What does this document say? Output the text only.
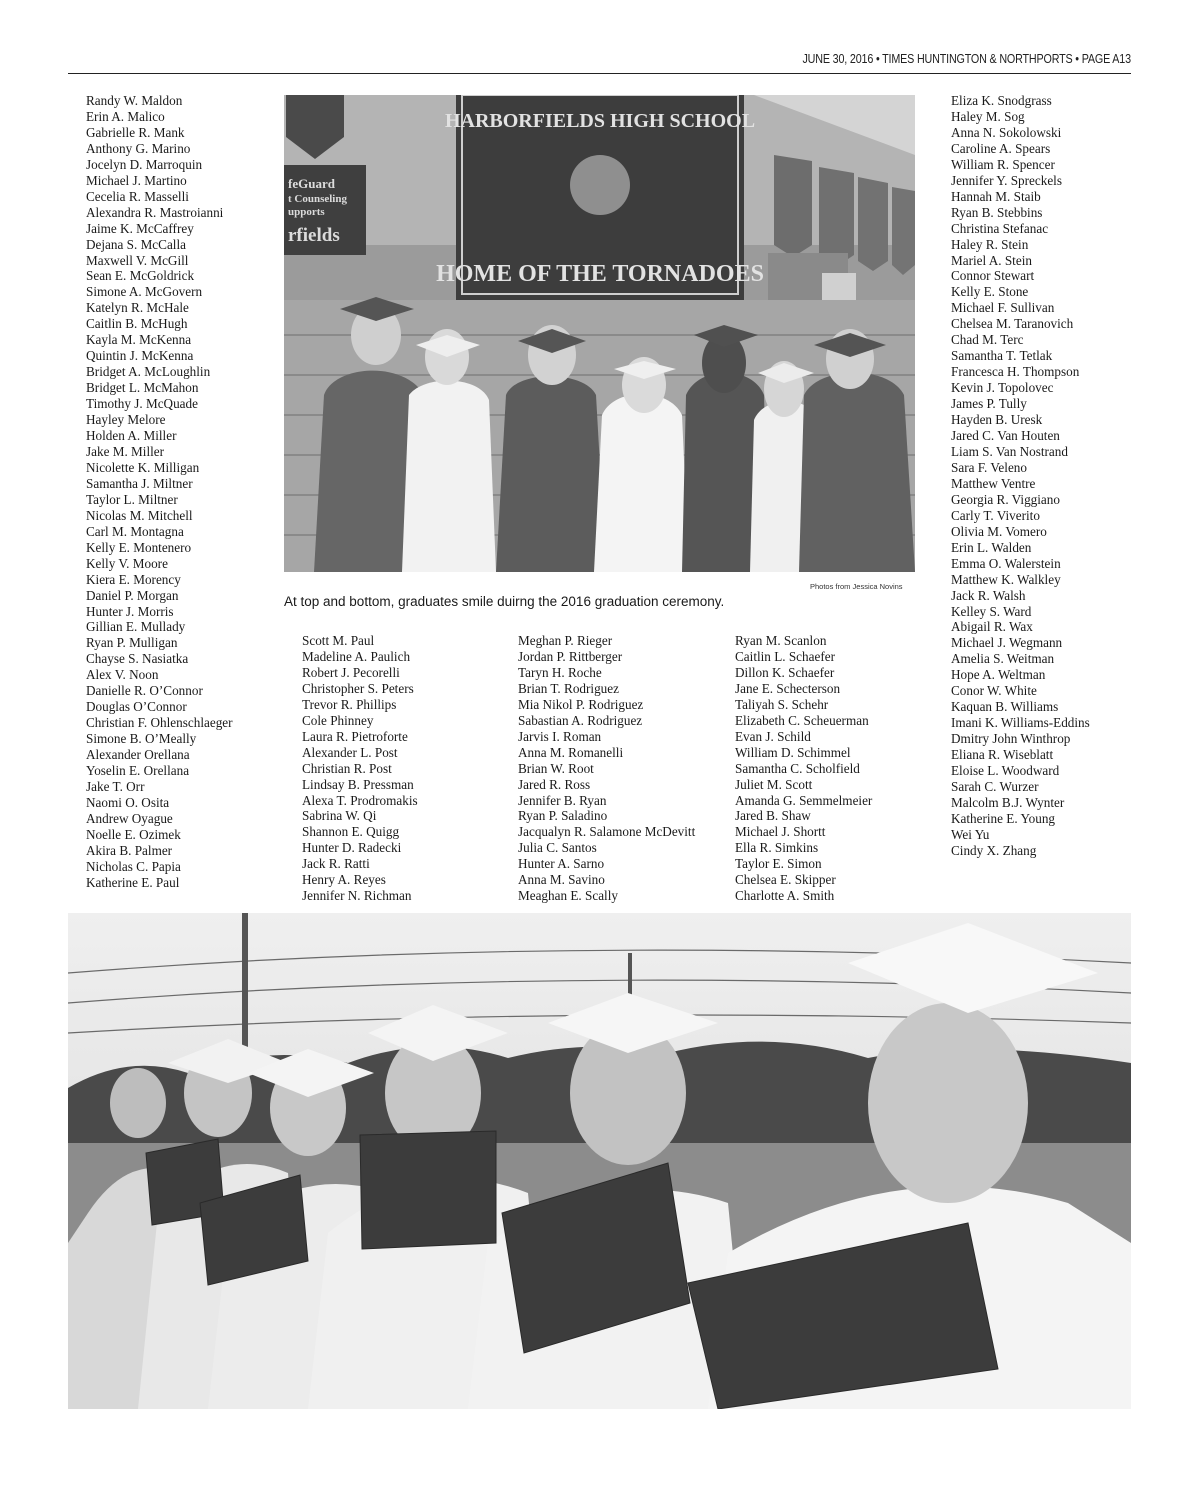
JUNE 30, 2016 • TIMES HUNTINGTON & NORTHPORTS • PAGE A13
Randy W. Maldon
Erin A. Malico
Gabrielle R. Mank
Anthony G. Marino
Jocelyn D. Marroquin
Michael J. Martino
Cecelia R. Masselli
Alexandra R. Mastroianni
Jaime K. McCaffrey
Dejana S. McCalla
Maxwell V. McGill
Sean E. McGoldrick
Simone A. McGovern
Katelyn R. McHale
Caitlin B. McHugh
Kayla M. McKenna
Quintin J. McKenna
Bridget A. McLoughlin
Bridget L. McMahon
Timothy J. McQuade
Hayley Melore
Holden A. Miller
Jake M. Miller
Nicolette K. Milligan
Samantha J. Miltner
Taylor L. Miltner
Nicolas M. Mitchell
Carl M. Montagna
Kelly E. Montenero
Kelly V. Moore
Kiera E. Morency
Daniel P. Morgan
Hunter J. Morris
Gillian E. Mullady
Ryan P. Mulligan
Chayse S. Nasiatka
Alex V. Noon
Danielle R. O’Connor
Douglas O’Connor
Christian F. Ohlenschlaeger
Simone B. O’Meally
Alexander Orellana
Yoselin E. Orellana
Jake T. Orr
Naomi O. Osita
Andrew Oyague
Noelle E. Ozimek
Akira B. Palmer
Nicholas C. Papia
Katherine E. Paul
feGuard
t Counseling
upports
rfields
HARBORFIELDS HIGH SCHOOL
HOME OF THE TORNADOES
Photos from Jessica Novins
At top and bottom, graduates smile duirng the 2016 graduation ceremony.
Scott M. Paul
Madeline A. Paulich
Robert J. Pecorelli
Christopher S. Peters
Trevor R. Phillips
Cole Phinney
Laura R. Pietroforte
Alexander L. Post
Christian R. Post
Lindsay B. Pressman
Alexa T. Prodromakis
Sabrina W. Qi
Shannon E. Quigg
Hunter D. Radecki
Jack R. Ratti
Henry A. Reyes
Jennifer N. Richman
Meghan P. Rieger
Jordan P. Rittberger
Taryn H. Roche
Brian T. Rodriguez
Mia Nikol P. Rodriguez
Sabastian A. Rodriguez
Jarvis I. Roman
Anna M. Romanelli
Brian W. Root
Jared R. Ross
Jennifer B. Ryan
Ryan P. Saladino
Jacqualyn R. Salamone McDevitt
Julia C. Santos
Hunter A. Sarno
Anna M. Savino
Meaghan E. Scally
Ryan M. Scanlon
Caitlin L. Schaefer
Dillon K. Schaefer
Jane E. Schecterson
Taliyah S. Schehr
Elizabeth C. Scheuerman
Evan J. Schild
William D. Schimmel
Samantha C. Scholfield
Juliet M. Scott
Amanda G. Semmelmeier
Jared B. Shaw
Michael J. Shortt
Ella R. Simkins
Taylor E. Simon
Chelsea E. Skipper
Charlotte A. Smith
Eliza K. Snodgrass
Haley M. Sog
Anna N. Sokolowski
Caroline A. Spears
William R. Spencer
Jennifer Y. Spreckels
Hannah M. Staib
Ryan B. Stebbins
Christina Stefanac
Haley R. Stein
Mariel A. Stein
Connor Stewart
Kelly E. Stone
Michael F. Sullivan
Chelsea M. Taranovich
Chad M. Terc
Samantha T. Tetlak
Francesca H. Thompson
Kevin J. Topolovec
James P. Tully
Hayden B. Uresk
Jared C. Van Houten
Liam S. Van Nostrand
Sara F. Veleno
Matthew Ventre
Georgia R. Viggiano
Carly T. Viverito
Olivia M. Vomero
Erin L. Walden
Emma O. Walerstein
Matthew K. Walkley
Jack R. Walsh
Kelley S. Ward
Abigail R. Wax
Michael J. Wegmann
Amelia S. Weitman
Hope A. Weltman
Conor W. White
Kaquan B. Williams
Imani K. Williams-Eddins
Dmitry John Winthrop
Eliana R. Wiseblatt
Eloise L. Woodward
Sarah C. Wurzer
Malcolm B.J. Wynter
Katherine E. Young
Wei Yu
Cindy X. Zhang
